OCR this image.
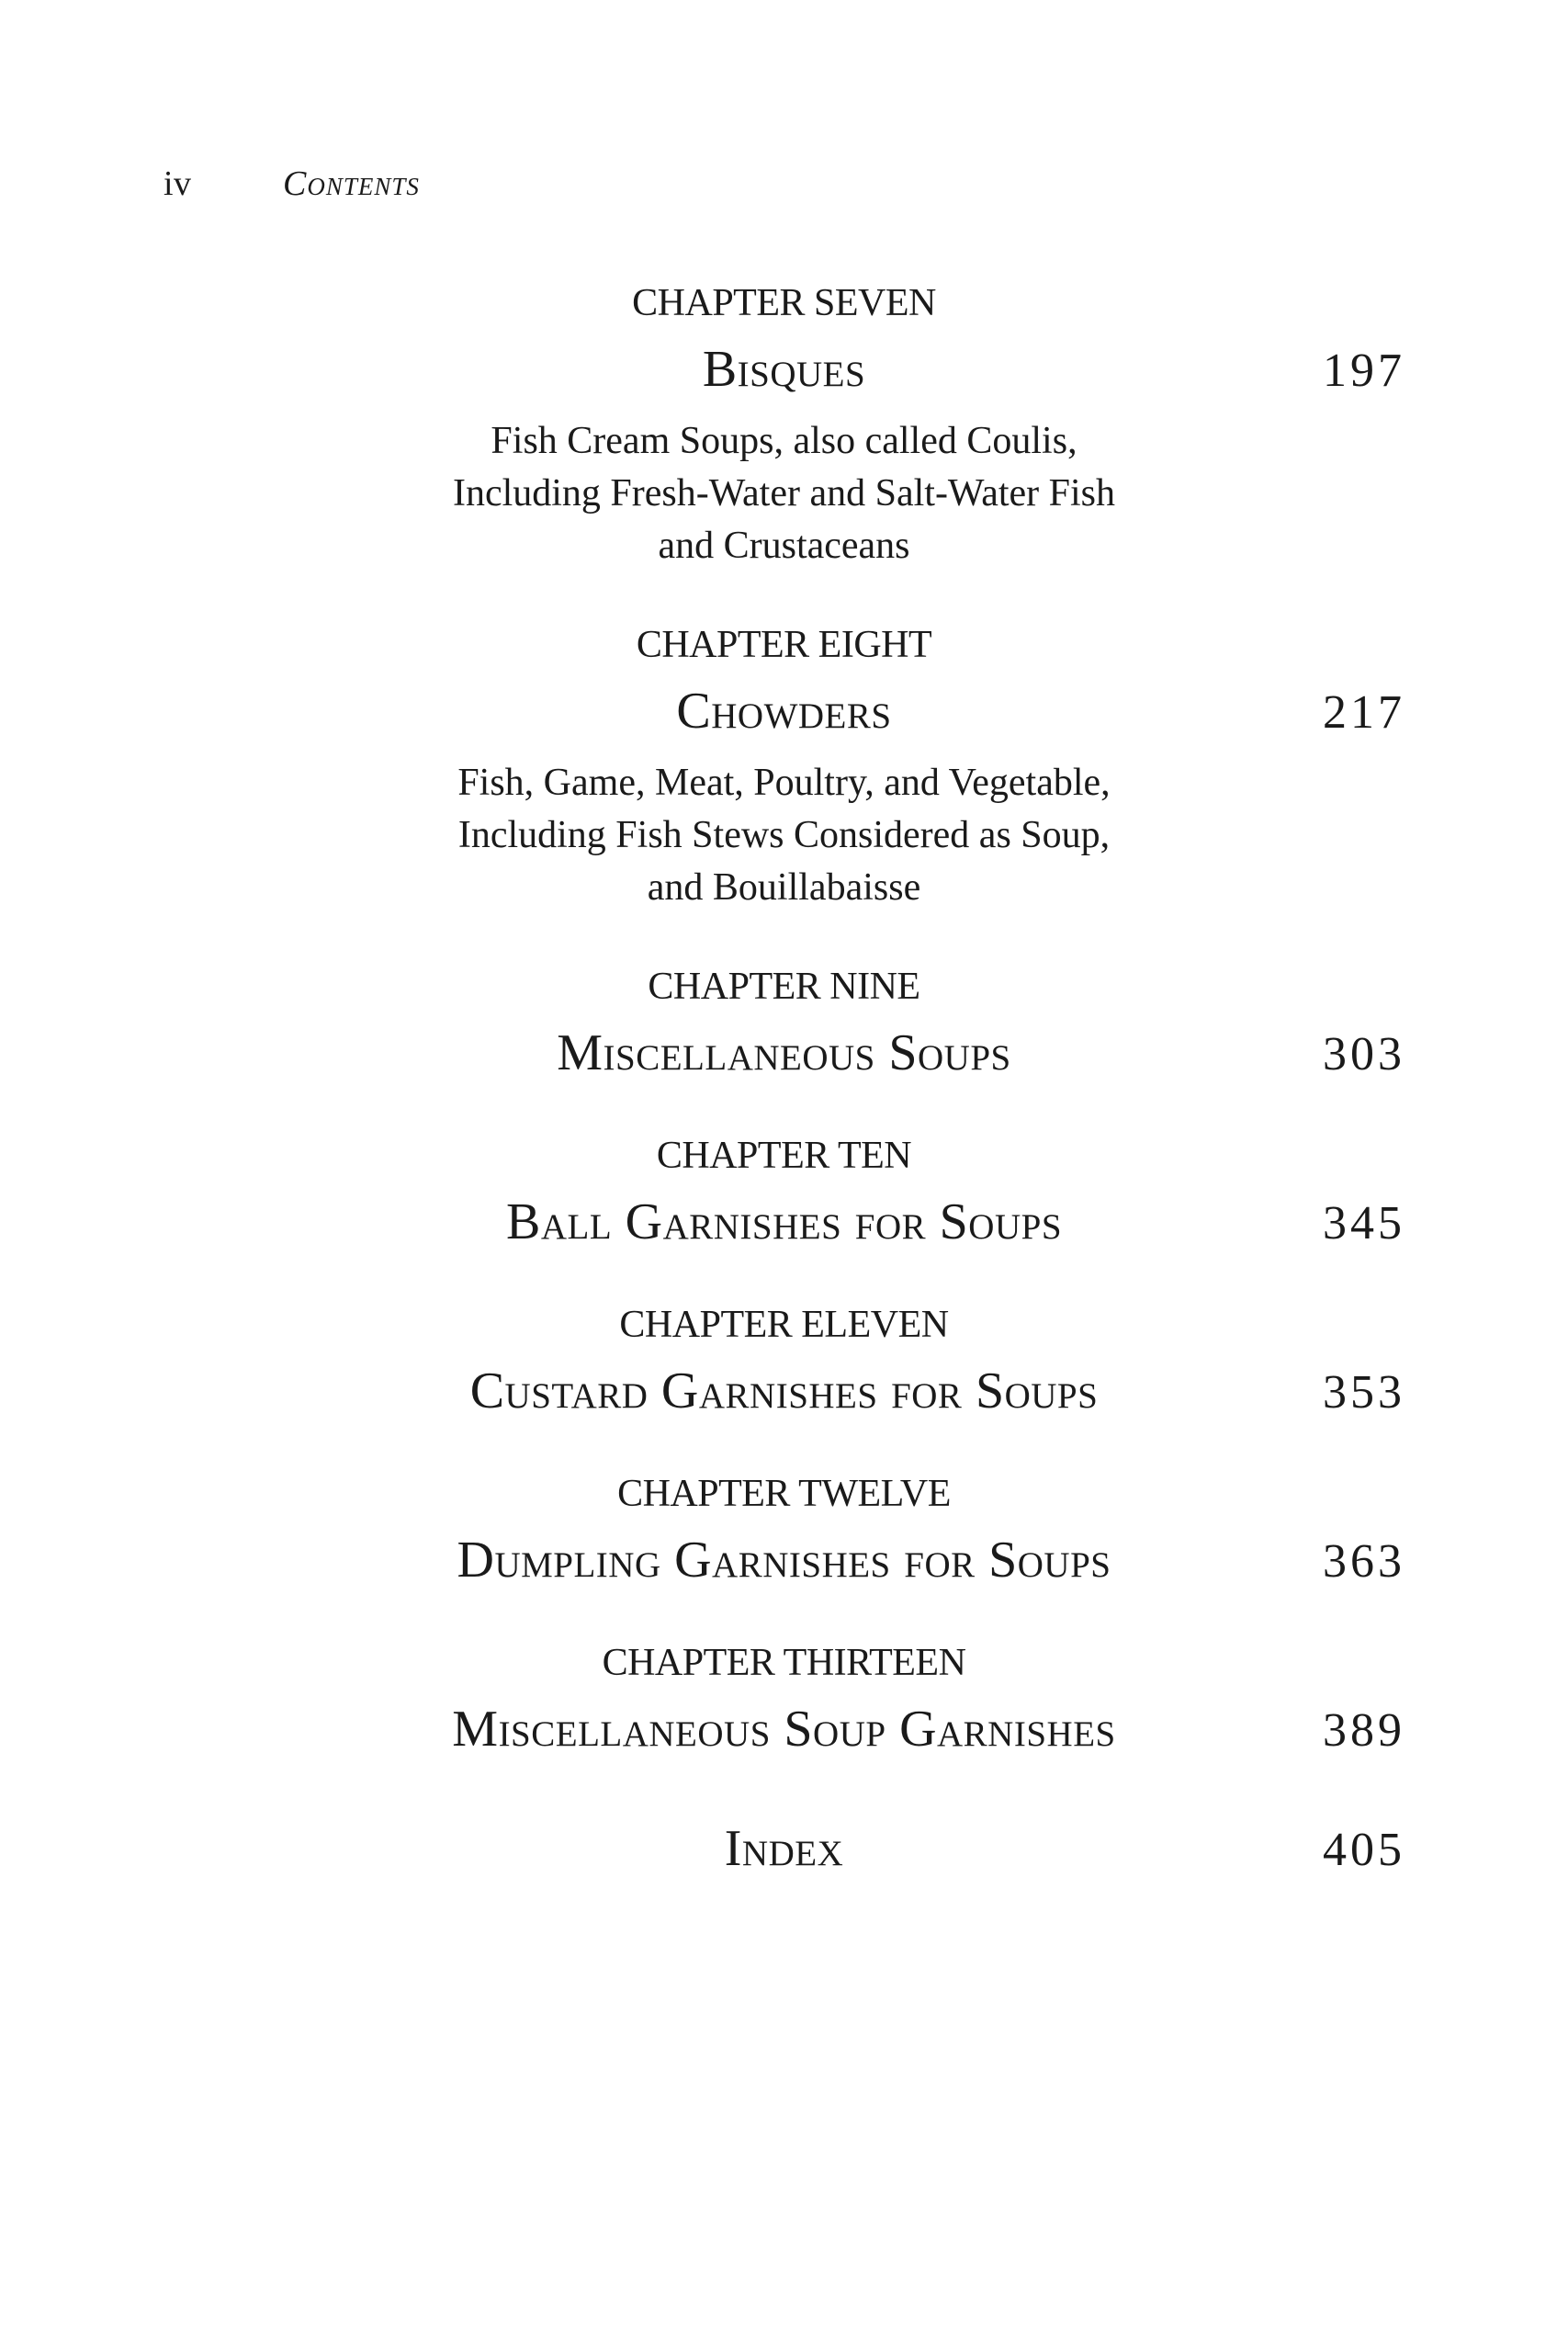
iv	Contents
CHAPTER SEVEN
Bisques	197
Fish Cream Soups, also called Coulis,
Including Fresh-Water and Salt-Water Fish
and Crustaceans
CHAPTER EIGHT
Chowders	217
Fish, Game, Meat, Poultry, and Vegetable,
Including Fish Stews Considered as Soup,
and Bouillabaisse
CHAPTER NINE
Miscellaneous Soups	303
CHAPTER TEN
Ball Garnishes for Soups	345
CHAPTER ELEVEN
Custard Garnishes for Soups	353
CHAPTER TWELVE
Dumpling Garnishes for Soups	363
CHAPTER THIRTEEN
Miscellaneous Soup Garnishes	389
Index	405
